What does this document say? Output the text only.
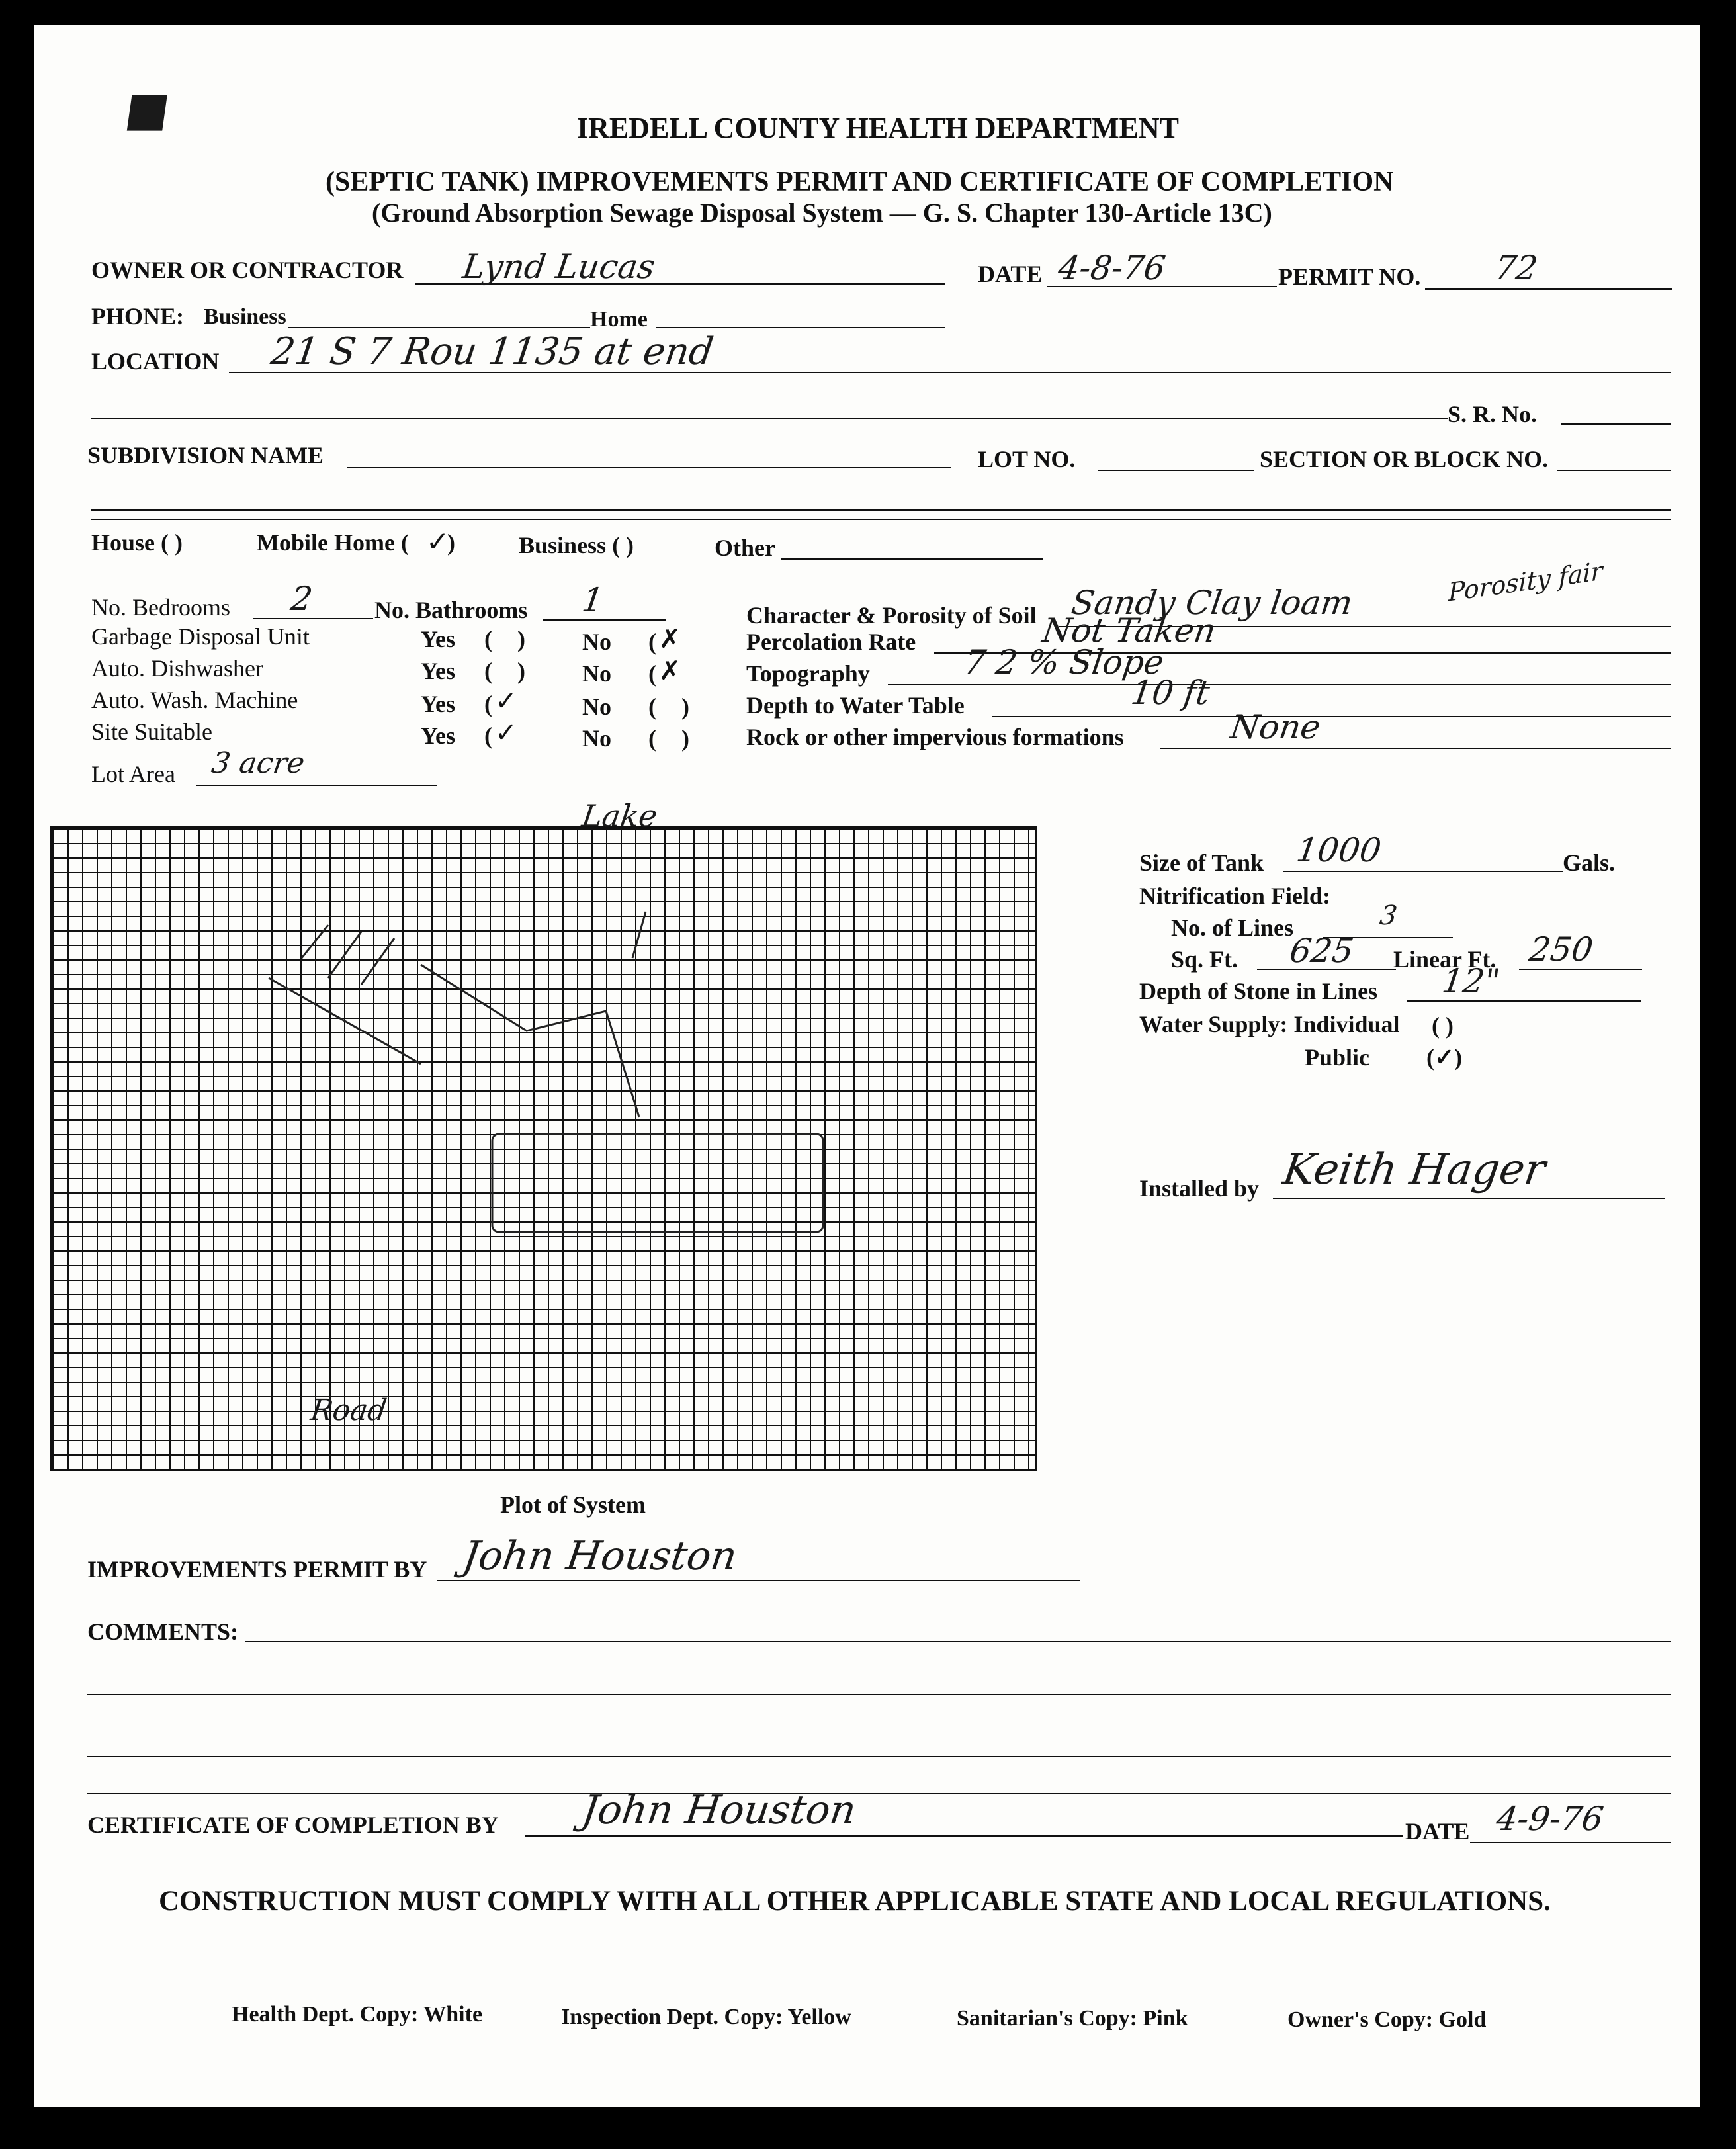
IREDELL COUNTY HEALTH DEPARTMENT
(SEPTIC TANK) IMPROVEMENTS PERMIT AND CERTIFICATE OF COMPLETION
(Ground Absorption Sewage Disposal System — G. S. Chapter 130-Article 13C)
■
OWNER OR CONTRACTOR Lynd Lucas	DATE 4-8-76	PERMIT NO. 72
PHONE: Business	Home
LOCATION 21 S 7 Rou 1135 at end
S. R. No.
SUBDIVISION NAME	LOT NO.	SECTION OR BLOCK NO.
House ( )	Mobile Home ( ✓
)	Business ( )	Other
No. Bedrooms 2	No. Bathrooms 1
Garbage Disposal Unit	Yes ( ) No ( ✗
Auto. Dishwasher	Yes ( ) No ( ✗
Auto. Wash. Machine	Yes ( ✓	No ( )
Site Suitable	Yes ( ✓	No ( )
Lot Area 3 acre
Character & Porosity of Soil Sandy Clay loam	Porosity fair
Percolation Rate	Not Taken
Topography	7 2 % Slope
Depth to Water Table	10 ft
Rock or other impervious formations	None
Lake
Road
Plot of System
Size of Tank 1000	Gals.
Nitrification Field:
No. of Lines	3
Sq. Ft. 625 Linear Ft. 250
Depth of Stone in Lines 12"
Water Supply: Individual ( )
Public (✓)
Installed by Keith Hager
IMPROVEMENTS PERMIT BY John Houston
COMMENTS:
CERTIFICATE OF COMPLETION BY John Houston	DATE 4-9-76
CONSTRUCTION MUST COMPLY WITH ALL OTHER APPLICABLE STATE AND LOCAL REGULATIONS.
Health Dept. Copy: White	Inspection Dept. Copy: Yellow	Sanitarian's Copy: Pink	Owner's Copy: Gold
